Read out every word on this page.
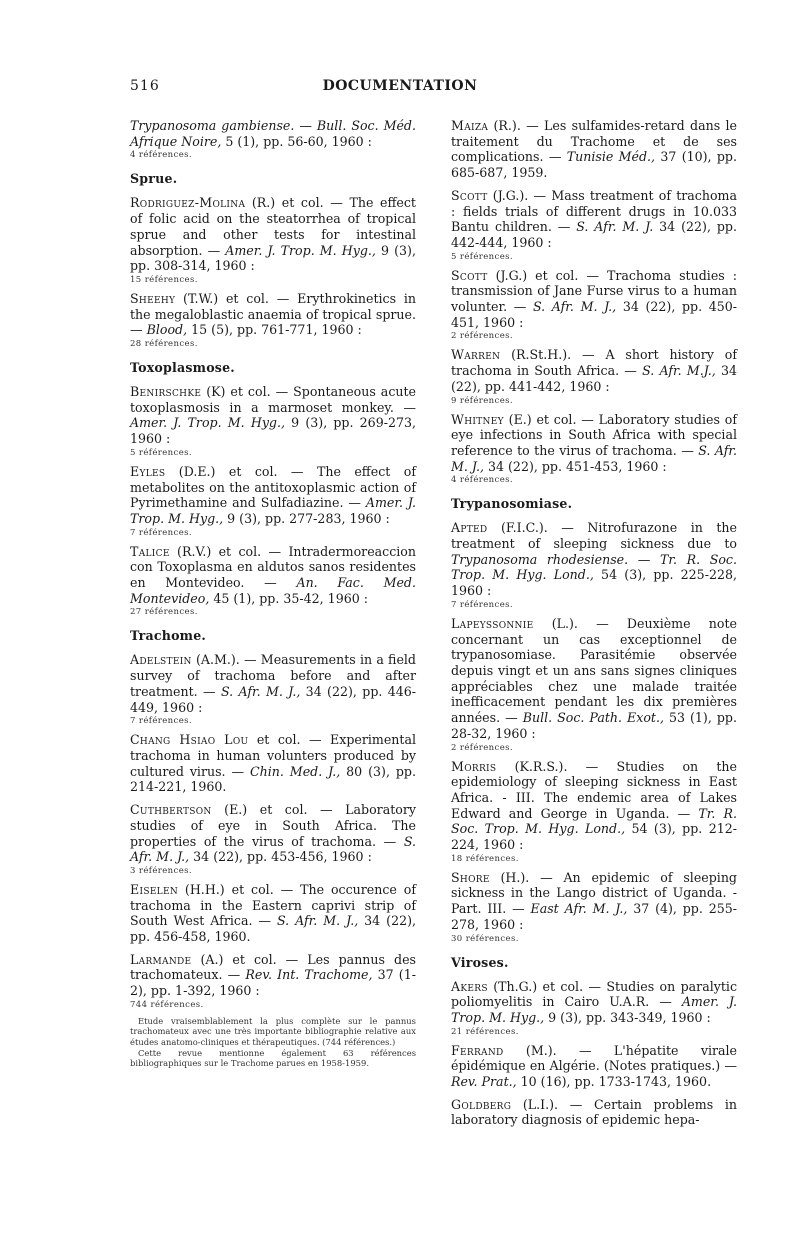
516	DOCUMENTATION

Trypanosoma gambiense. — Bull. Soc. Méd. Afrique Noire, 5 (1), pp. 56-60, 1960 :

4 références.
Sprue.

Rodriguez-Molina (R.) et col. — The effect of folic acid on the steatorrhea of tropical sprue and other tests for intestinal absorption. — Amer. J. Trop. M. Hyg., 9 (3), pp. 308-314, 1960 :

15 références.

Sheehy (T.W.) et col. — Erythrokinetics in the megaloblastic anaemia of tropical sprue. — Blood, 15 (5), pp. 761-771, 1960 :

28 références.
Toxoplasmose.

Benirschke (K) et col. — Spontaneous acute toxoplasmosis in a marmoset monkey. — Amer. J. Trop. M. Hyg., 9 (3), pp. 269-273, 1960 :

5 références.

Eyles (D.E.) et col. — The effect of metabolites on the antitoxoplasmic action of Pyrimethamine and Sulfadiazine. — Amer. J. Trop. M. Hyg., 9 (3), pp. 277-283, 1960 :

7 références.

Talice (R.V.) et col. — Intradermoreaccion con Toxoplasma en aldutos sanos residentes en Montevideo. — An. Fac. Med. Montevideo, 45 (1), pp. 35-42, 1960 :

27 références.
Trachome.

Adelstein (A.M.). — Measurements in a field survey of trachoma before and after treatment. — S. Afr. M. J., 34 (22), pp. 446-449, 1960 :

7 références.

Chang Hsiao Lou et col. — Experimental trachoma in human volunters produced by cultured virus. — Chin. Med. J., 80 (3), pp. 214-221, 1960.

Cuthbertson (E.) et col. — Laboratory studies of eye in South Africa. The properties of the virus of trachoma. — S. Afr. M. J., 34 (22), pp. 453-456, 1960 :

3 références.

Eiselen (H.H.) et col. — The occurence of trachoma in the Eastern caprivi strip of South West Africa. — S. Afr. M. J., 34 (22), pp. 456-458, 1960.

Larmande (A.) et col. — Les pannus des trachomateux. — Rev. Int. Trachome, 37 (1-2), pp. 1-392, 1960 :

744 références.

Etude vraisemblablement la plus complète sur le pannus trachomateux avec une très importante bibliographie relative aux études anatomo-cliniques et thérapeutiques. (744 références.)

Cette revue mentionne également 63 références bibliographiques sur le Trachome parues en 1958-1959.

Maiza (R.). — Les sulfamides-retard dans le traitement du Trachome et de ses complications. — Tunisie Méd., 37 (10), pp. 685-687, 1959.

Scott (J.G.). — Mass treatment of trachoma : fields trials of different drugs in 10.033 Bantu children. — S. Afr. M. J. 34 (22), pp. 442-444, 1960 :

5 références.

Scott (J.G.) et col. — Trachoma studies : transmission of Jane Furse virus to a human volunter. — S. Afr. M. J., 34 (22), pp. 450-451, 1960 :

2 références.

Warren (R.St.H.). — A short history of trachoma in South Africa. — S. Afr. M.J., 34 (22), pp. 441-442, 1960 :

9 références.

Whitney (E.) et col. — Laboratory studies of eye infections in South Africa with special reference to the virus of trachoma. — S. Afr. M. J., 34 (22), pp. 451-453, 1960 :

4 références.
Trypanosomiase.

Apted (F.I.C.). — Nitrofurazone in the treatment of sleeping sickness due to Trypanosoma rhodesiense. — Tr. R. Soc. Trop. M. Hyg. Lond., 54 (3), pp. 225-228, 1960 :

7 références.

Lapeyssonnie (L.). — Deuxième note concernant un cas exceptionnel de trypanosomiase. Parasitémie observée depuis vingt et un ans sans signes cliniques appréciables chez une malade traitée inefficacement pendant les dix premières années. — Bull. Soc. Path. Exot., 53 (1), pp. 28-32, 1960 :

2 références.

Morris (K.R.S.). — Studies on the epidemiology of sleeping sickness in East Africa. - III. The endemic area of Lakes Edward and George in Uganda. — Tr. R. Soc. Trop. M. Hyg. Lond., 54 (3), pp. 212-224, 1960 :

18 références.

Shore (H.). — An epidemic of sleeping sickness in the Lango district of Uganda. - Part. III. — East Afr. M. J., 37 (4), pp. 255-278, 1960 :

30 références.
Viroses.

Akers (Th.G.) et col. — Studies on paralytic poliomyelitis in Cairo U.A.R. — Amer. J. Trop. M. Hyg., 9 (3), pp. 343-349, 1960 :

21 références.

Ferrand (M.). — L'hépatite virale épidémique en Algérie. (Notes pratiques.) — Rev. Prat., 10 (16), pp. 1733-1743, 1960.

Goldberg (L.I.). — Certain problems in laboratory diagnosis of epidemic hepa-
